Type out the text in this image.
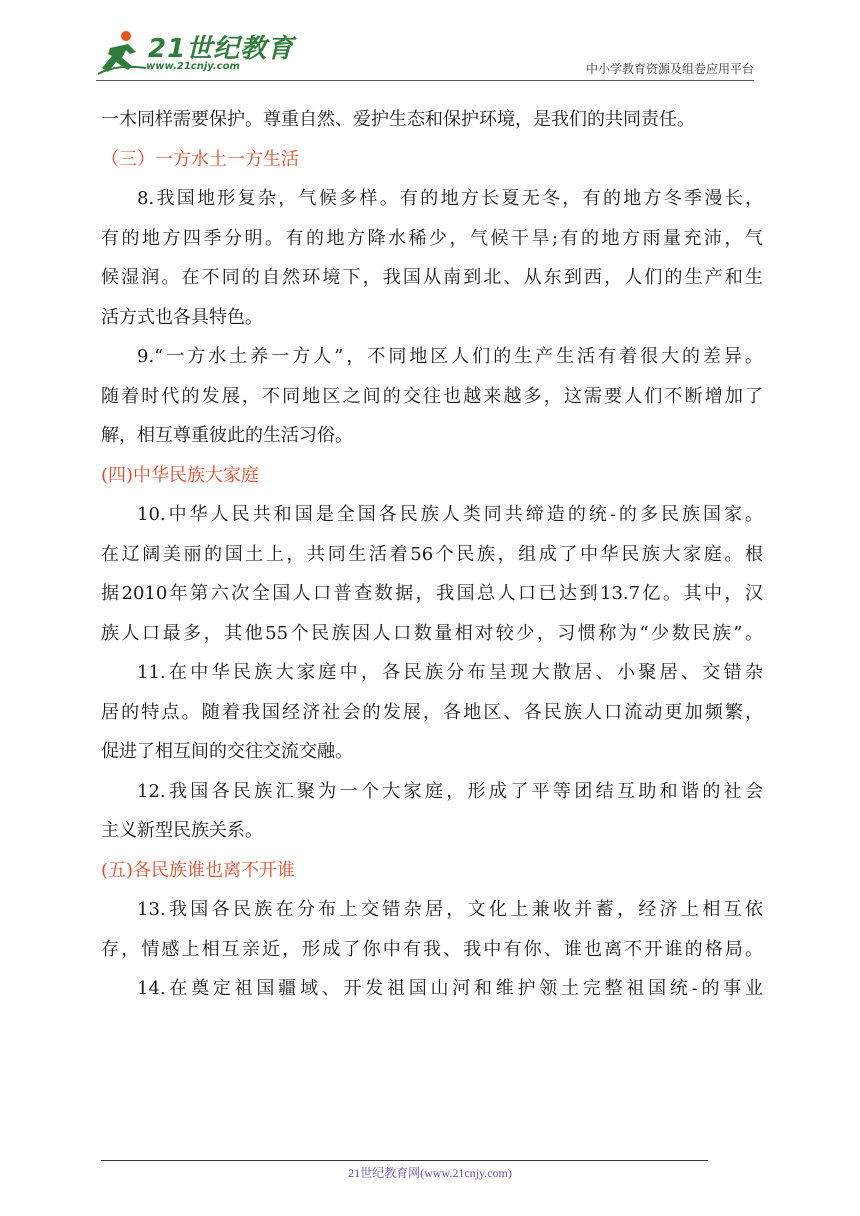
21世纪教育
www.21cnjy.com	中小学教育资源及组卷应用平台
一木同样需要保护。尊重自然、爱护生态和保护环境，是我们的共同责任。
（三）一方水土一方生活
8.我国地形复杂，气候多样。有的地方长夏无冬，有的地方冬季漫长，
有的地方四季分明。有的地方降水稀少，气候干旱;有的地方雨量充沛，气
候湿润。在不同的自然环境下，我国从南到北、从东到西，人们的生产和生
活方式也各具特色。
9.“一方水土养一方人”，不同地区人们的生产生活有着很大的差异。
随着时代的发展，不同地区之间的交往也越来越多，这需要人们不断增加了
解，相互尊重彼此的生活习俗。
(四)中华民族大家庭
10.中华人民共和国是全国各民族人类同共缔造的统-的多民族国家。
在辽阔美丽的国土上，共同生活着56个民族，组成了中华民族大家庭。根
据2010年第六次全国人口普查数据，我国总人口已达到13.7亿。其中，汉
族人口最多，其他55个民族因人口数量相对较少，习惯称为“少数民族”。
11.在中华民族大家庭中，各民族分布呈现大散居、小聚居、交错杂
居的特点。随着我国经济社会的发展，各地区、各民族人口流动更加频繁，
促进了相互间的交往交流交融。
12.我国各民族汇聚为一个大家庭，形成了平等团结互助和谐的社会
主义新型民族关系。
(五)各民族谁也离不开谁
13.我国各民族在分布上交错杂居，文化上兼收并蓄，经济上相互依
存，情感上相互亲近，形成了你中有我、我中有你、谁也离不开谁的格局。
14.在奠定祖国疆域、开发祖国山河和维护领土完整祖国统-的事业
21世纪教育网(www.21cnjy.com)
